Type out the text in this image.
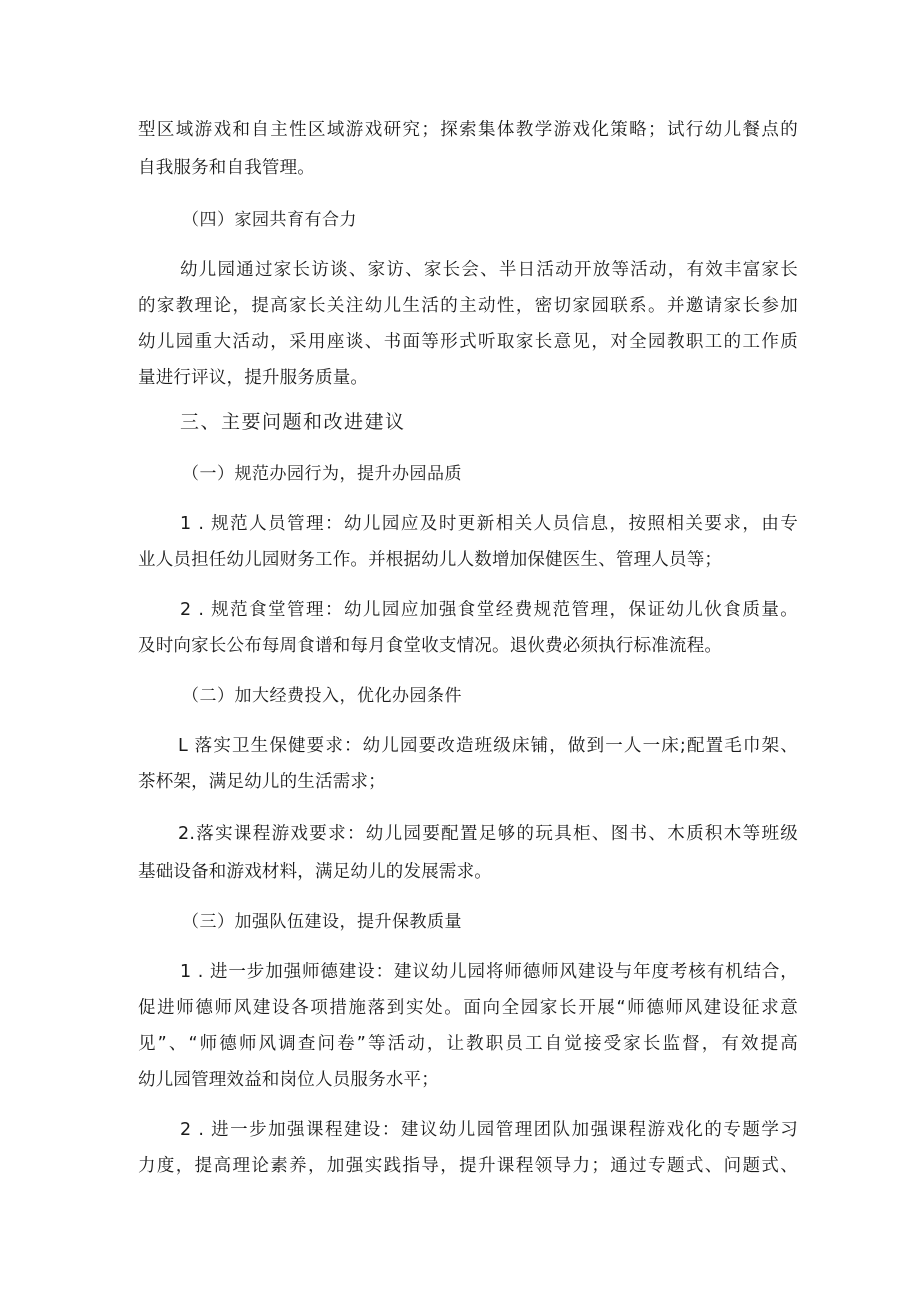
型区域游戏和自主性区域游戏研究；探索集体教学游戏化策略；试行幼儿餐点的
自我服务和自我管理。
（四）家园共育有合力
幼儿园通过家长访谈、家访、家长会、半日活动开放等活动，有效丰富家长
的家教理论，提高家长关注幼儿生活的主动性，密切家园联系。并邀请家长参加
幼儿园重大活动，采用座谈、书面等形式听取家长意见，对全园教职工的工作质
量进行评议，提升服务质量。
三、主要问题和改进建议
（一）规范办园行为，提升办园品质
1 . 规范人员管理：幼儿园应及时更新相关人员信息，按照相关要求，由专
业人员担任幼儿园财务工作。并根据幼儿人数增加保健医生、管理人员等；
2 . 规范食堂管理：幼儿园应加强食堂经费规范管理，保证幼儿伙食质量。
及时向家长公布每周食谱和每月食堂收支情况。退伙费必须执行标准流程。
（二）加大经费投入，优化办园条件
L 落实卫生保健要求：幼儿园要改造班级床铺，做到一人一床;配置毛巾架、
茶杯架，满足幼儿的生活需求；
2.落实课程游戏要求：幼儿园要配置足够的玩具柜、图书、木质积木等班级
基础设备和游戏材料，满足幼儿的发展需求。
（三）加强队伍建设，提升保教质量
1 . 进一步加强师德建设：建议幼儿园将师德师风建设与年度考核有机结合，
促进师德师风建设各项措施落到实处。面向全园家长开展“师德师风建设征求意
见”、“师德师风调查问卷”等活动，让教职员工自觉接受家长监督，有效提高
幼儿园管理效益和岗位人员服务水平；
2 . 进一步加强课程建设：建议幼儿园管理团队加强课程游戏化的专题学习
力度，提高理论素养，加强实践指导，提升课程领导力；通过专题式、问题式、
